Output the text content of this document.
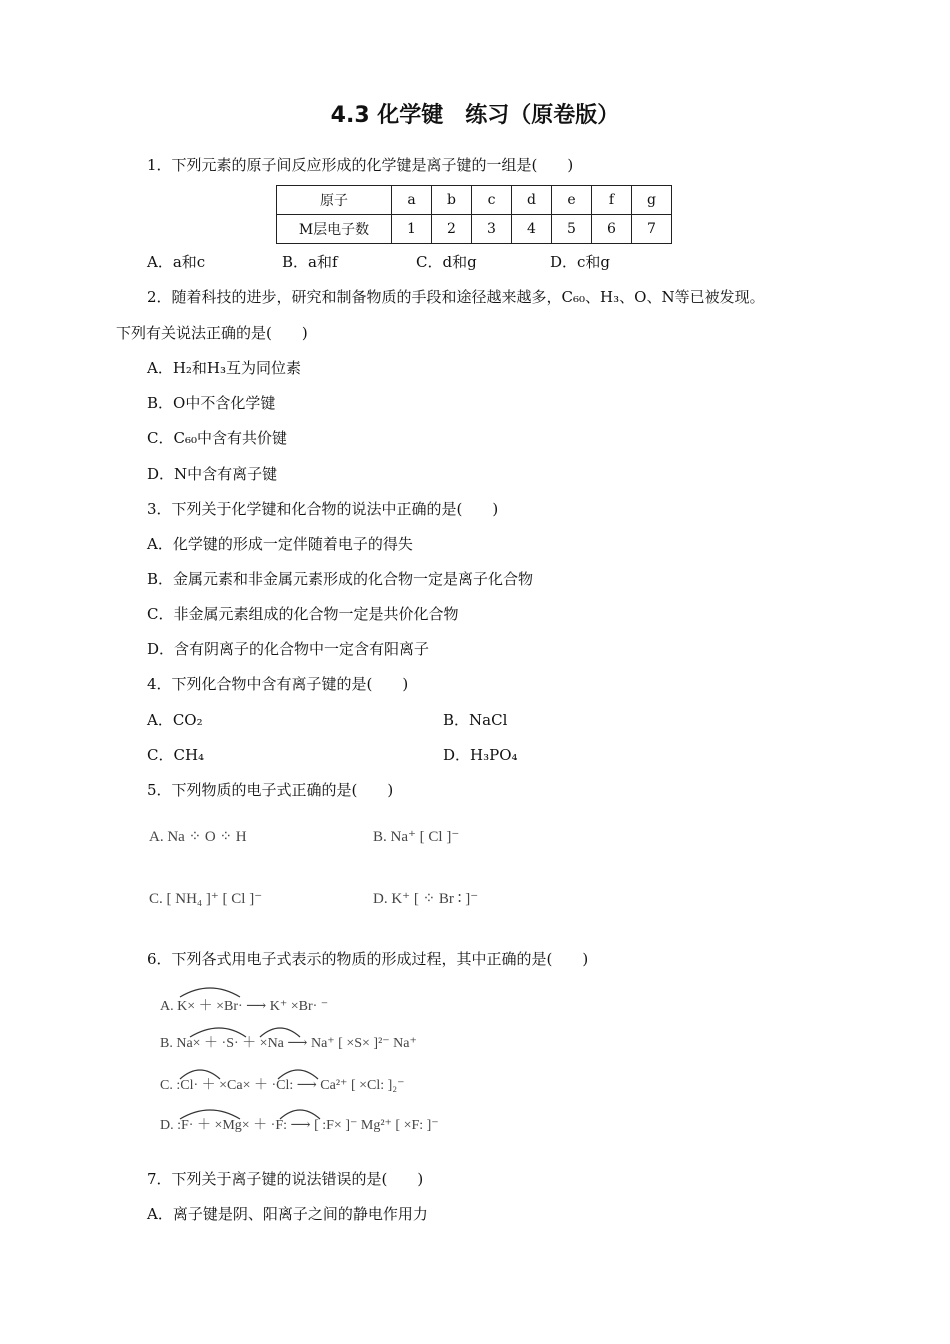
4.3 化学键　练习（原卷版）
1．下列元素的原子间反应形成的化学键是离子键的一组是(　　)
原子	a	b	c	d	e	f	g
M层电子数	1	2	3	4	5	6	7
A．a和c	B．a和f	C．d和g	D．c和g
2．随着科技的进步，研究和制备物质的手段和途径越来越多，C₆₀、H₃、O、N等已被发现。
下列有关说法正确的是(　　)
A．H₂和H₃互为同位素
B．O中不含化学键
C．C₆₀中含有共价键
D．N中含有离子键
3．下列关于化学键和化合物的说法中正确的是(　　)
A．化学键的形成一定伴随着电子的得失
B．金属元素和非金属元素形成的化合物一定是离子化合物
C．非金属元素组成的化合物一定是共价化合物
D．含有阴离子的化合物中一定含有阳离子
4．下列化合物中含有离子键的是(　　)
A．CO₂	B．NaCl
C．CH₄	D．H₃PO₄
5．下列物质的电子式正确的是(　　)
A. Na ⁘ O ⁘ H	B. Na⁺ [ Cl ]⁻
C. [ NH₄ ]⁺ [ Cl ]⁻	D. K⁺ [ ⁘ Br ∶ ]⁻
6．下列各式用电子式表示的物质的形成过程，其中正确的是(　　)
A. K× ＋ ×Br· ⟶ K⁺ ×Br· ⁻
B. Na× ＋ ·S· ＋ ×Na ⟶ Na⁺ [ ×S× ]²⁻ Na⁺
C. :Cl· ＋ ×Ca× ＋ ·Cl: ⟶ Ca²⁺ [ ×Cl: ]₂⁻
D. :F· ＋ ×Mg× ＋ ·F: ⟶ [ :F× ]⁻ Mg²⁺ [ ×F: ]⁻
7．下列关于离子键的说法错误的是(　　)
A．离子键是阴、阳离子之间的静电作用力
